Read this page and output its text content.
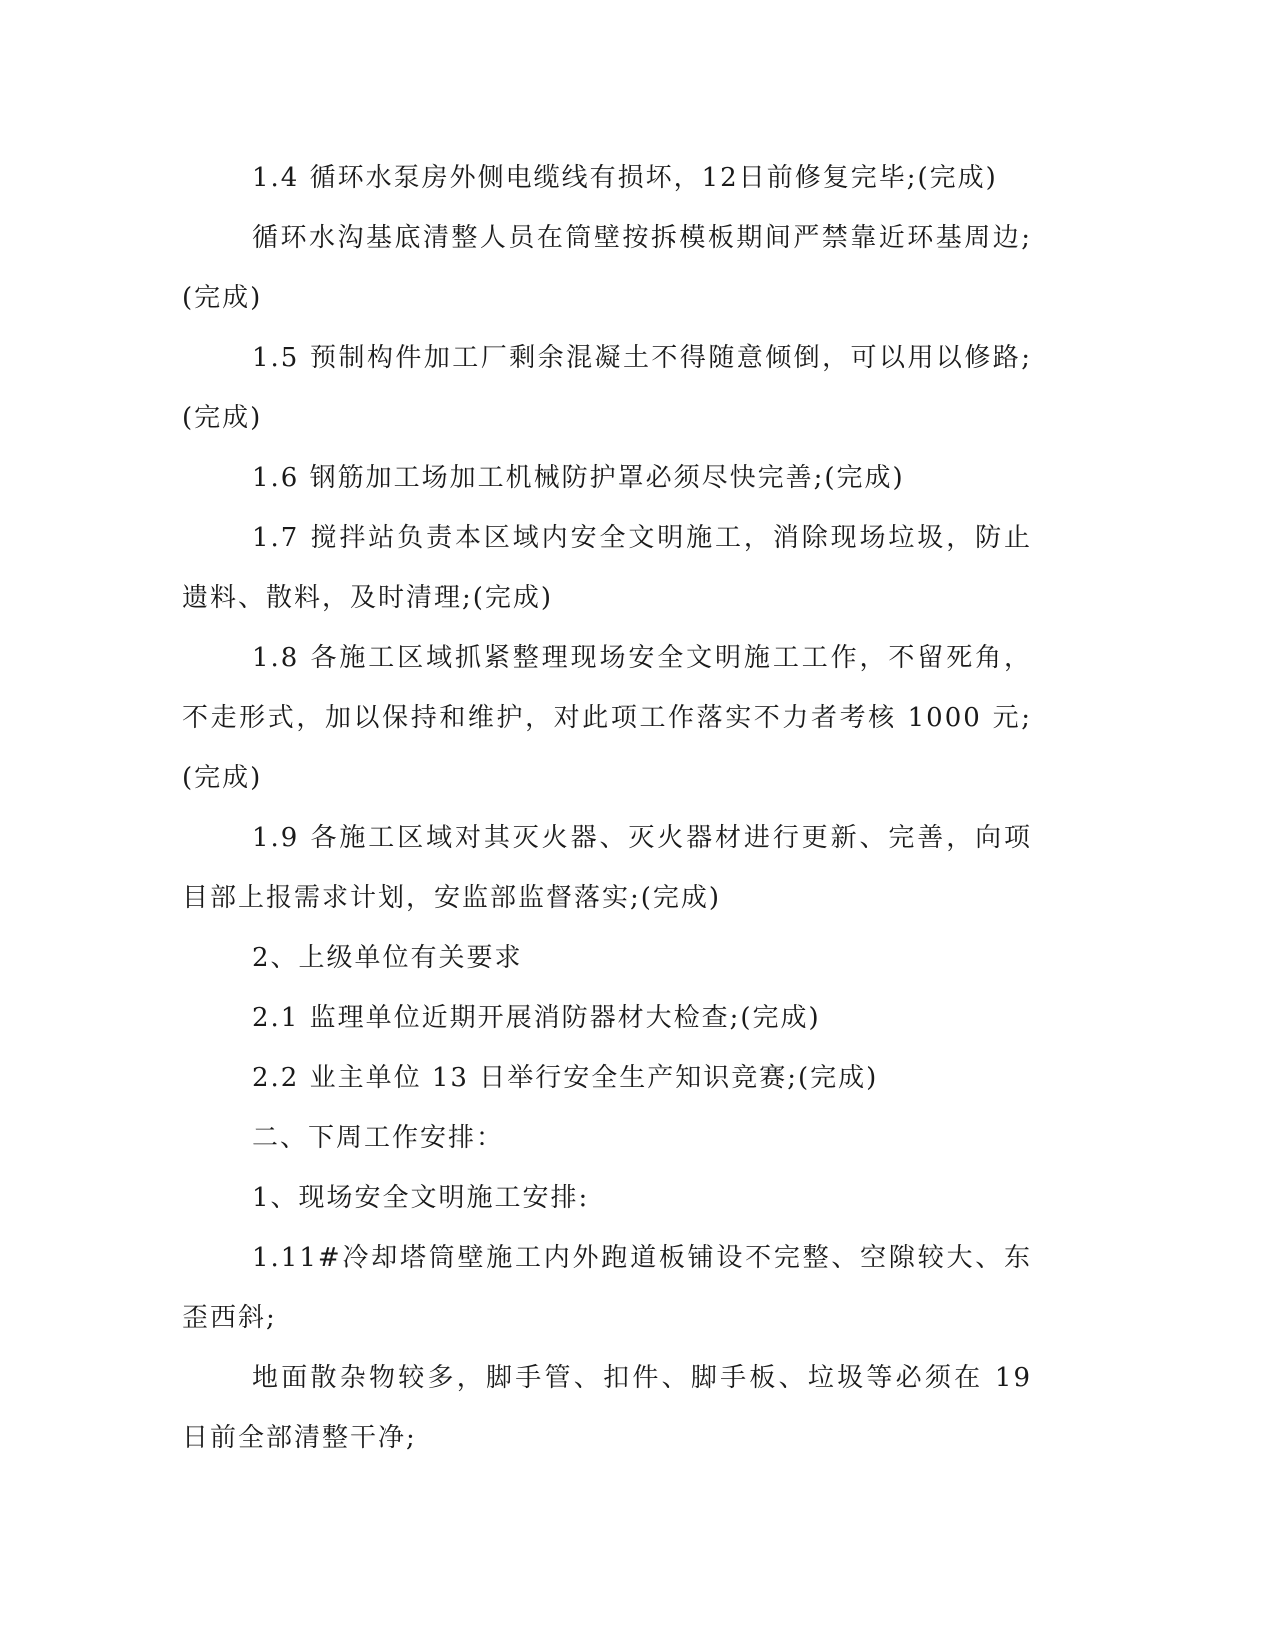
1.4 循环水泵房外侧电缆线有损坏，12日前修复完毕;(完成)

循环水沟基底清整人员在筒壁按拆模板期间严禁靠近环基周边;(完成)

1.5 预制构件加工厂剩余混凝土不得随意倾倒，可以用以修路;(完成)

1.6 钢筋加工场加工机械防护罩必须尽快完善;(完成)

1.7 搅拌站负责本区域内安全文明施工，消除现场垃圾，防止遗料、散料，及时清理;(完成)

1.8 各施工区域抓紧整理现场安全文明施工工作，不留死角，不走形式，加以保持和维护，对此项工作落实不力者考核 1000 元;(完成)

1.9 各施工区域对其灭火器、灭火器材进行更新、完善，向项目部上报需求计划，安监部监督落实;(完成)

2、上级单位有关要求

2.1 监理单位近期开展消防器材大检查;(完成)

2.2 业主单位 13 日举行安全生产知识竞赛;(完成)

二、下周工作安排：

1、现场安全文明施工安排:

1.11#冷却塔筒壁施工内外跑道板铺设不完整、空隙较大、东歪西斜;

地面散杂物较多，脚手管、扣件、脚手板、垃圾等必须在 19 日前全部清整干净;
